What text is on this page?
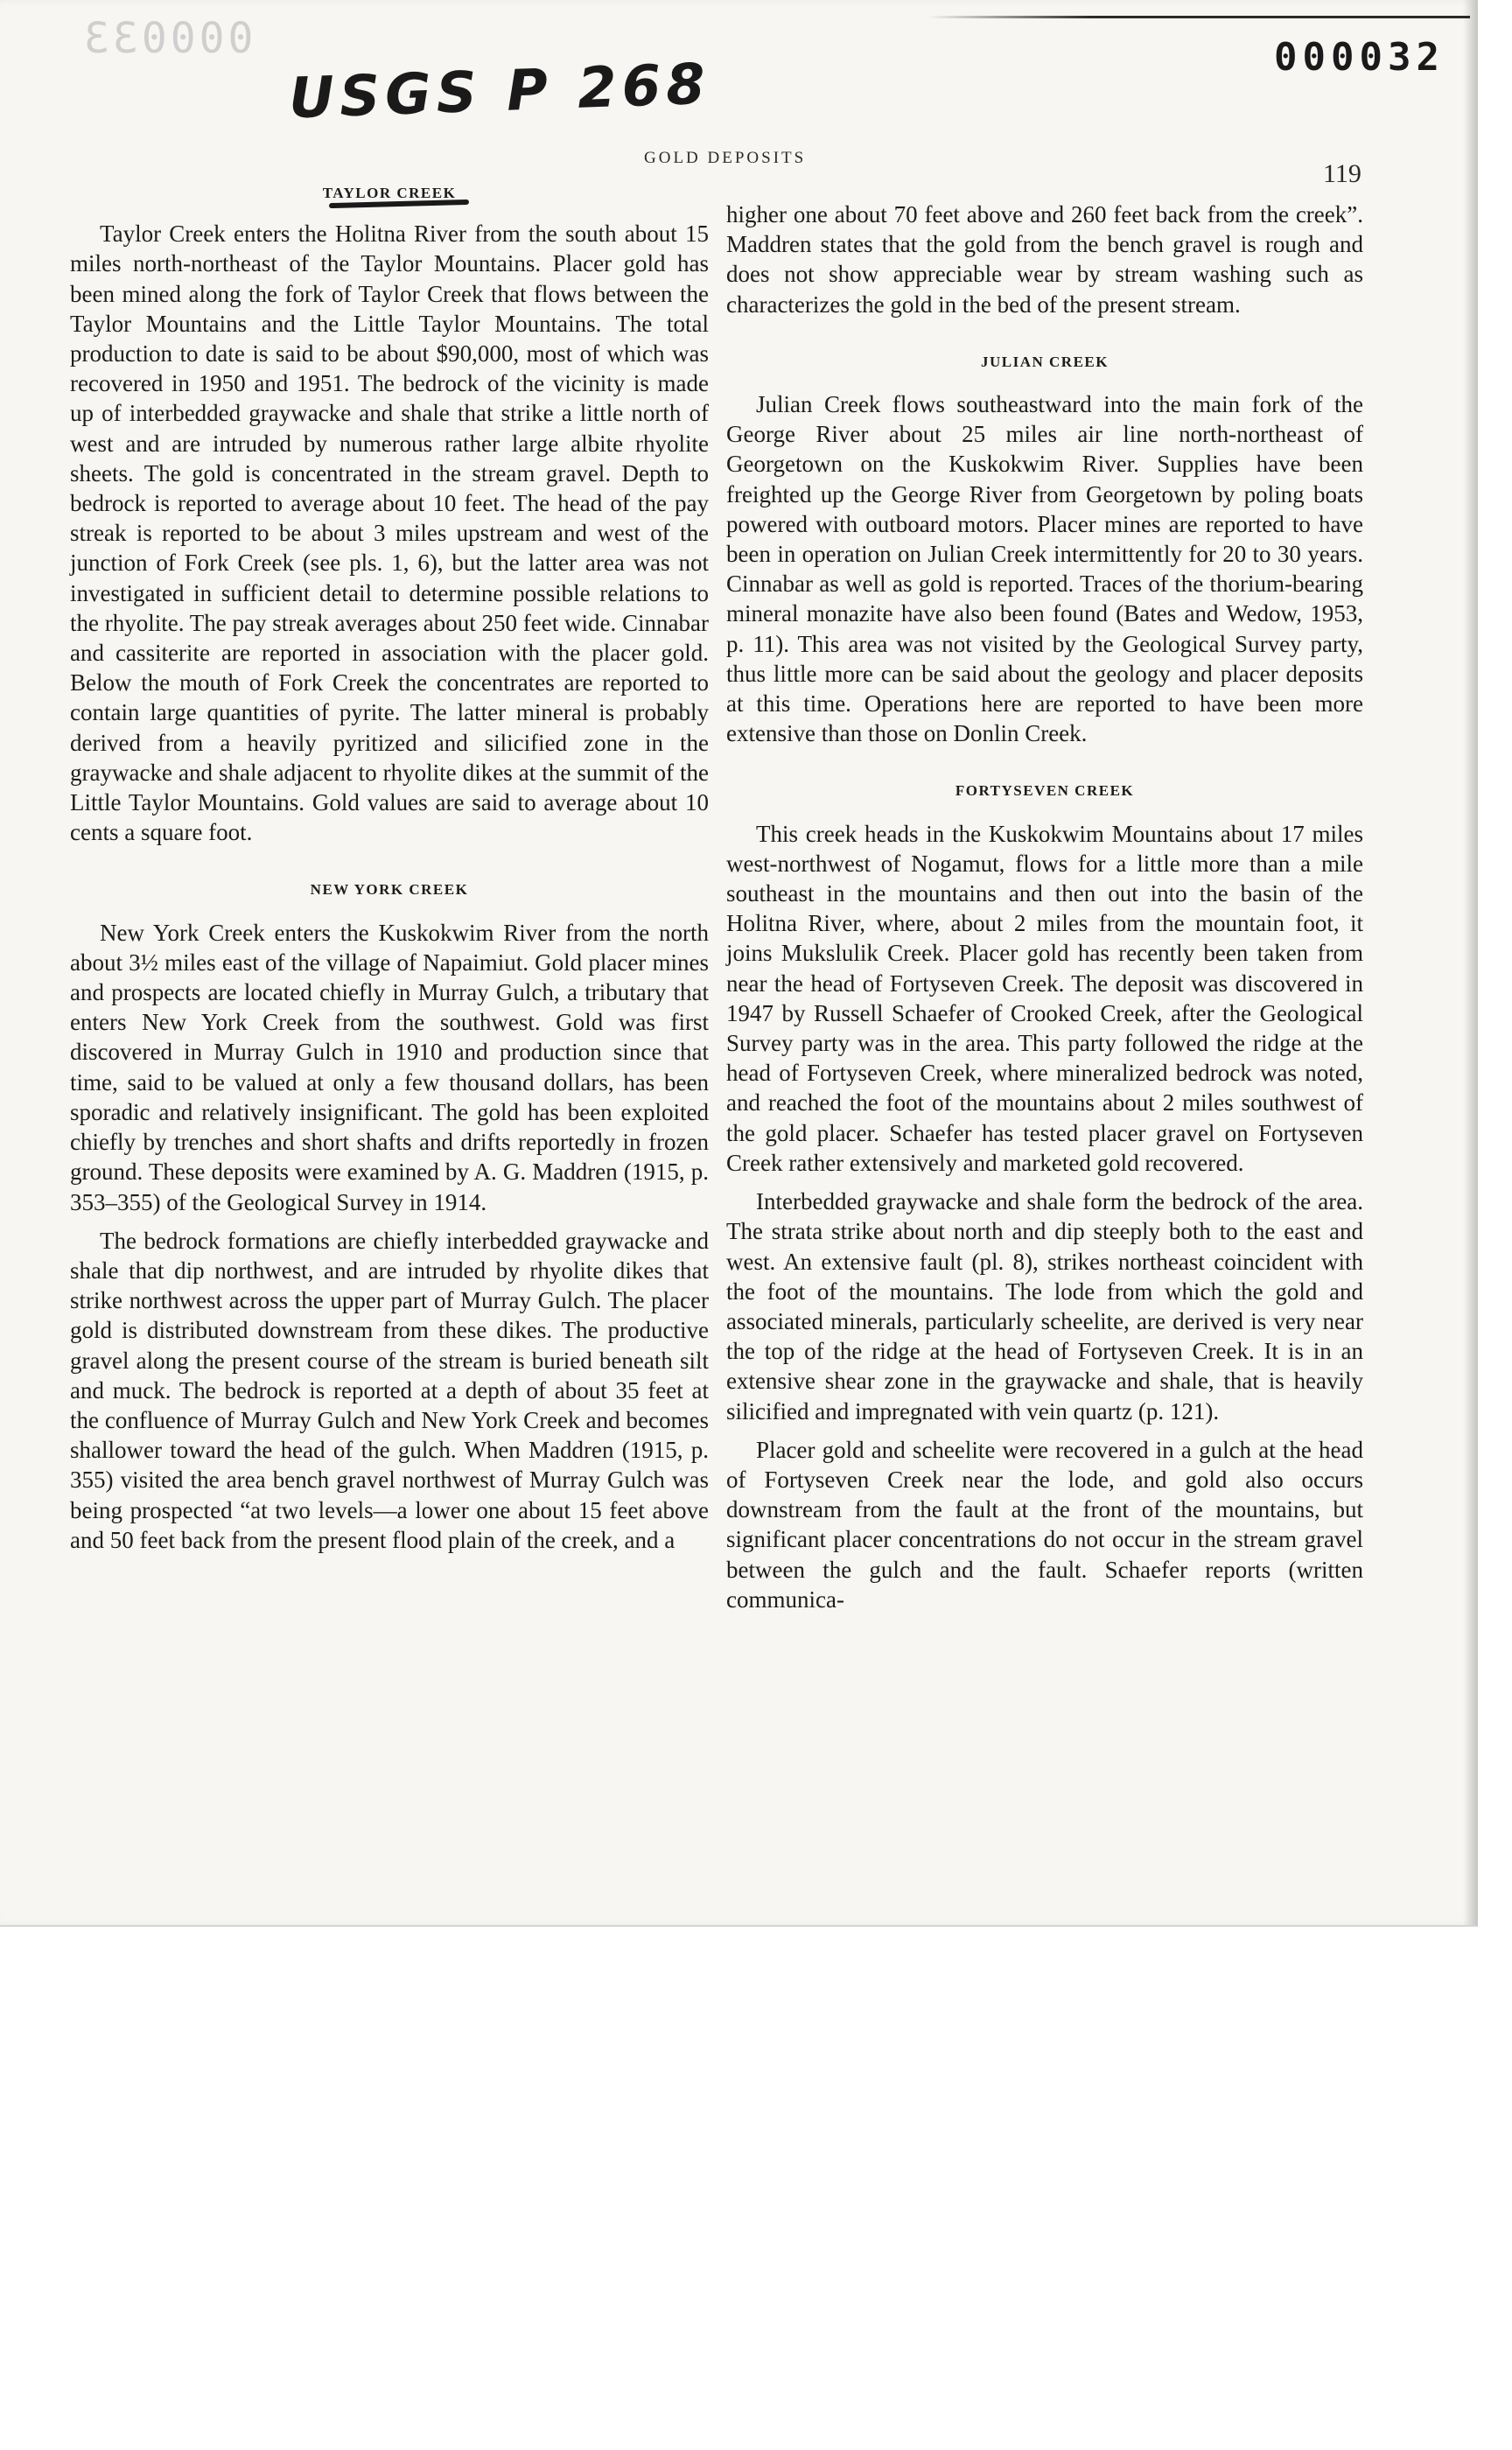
000033
USGS P 268	000032
GOLD DEPOSITS
119
TAYLOR CREEK

Taylor Creek enters the Holitna River from the south about 15 miles north-northeast of the Taylor Mountains. Placer gold has been mined along the fork of Taylor Creek that flows between the Taylor Mountains and the Little Taylor Mountains. The total production to date is said to be about $90,000, most of which was recovered in 1950 and 1951. The bedrock of the vicinity is made up of interbedded graywacke and shale that strike a little north of west and are intruded by numerous rather large albite rhyolite sheets. The gold is concentrated in the stream gravel. Depth to bedrock is reported to average about 10 feet. The head of the pay streak is reported to be about 3 miles upstream and west of the junction of Fork Creek (see pls. 1, 6), but the latter area was not investigated in sufficient detail to determine possible relations to the rhyolite. The pay streak averages about 250 feet wide. Cinnabar and cassiterite are reported in association with the placer gold. Below the mouth of Fork Creek the concentrates are reported to contain large quantities of pyrite. The latter mineral is probably derived from a heavily pyritized and silicified zone in the graywacke and shale adjacent to rhyolite dikes at the summit of the Little Taylor Mountains. Gold values are said to average about 10 cents a square foot.

NEW YORK CREEK

New York Creek enters the Kuskokwim River from the north about 3½ miles east of the village of Napaimiut. Gold placer mines and prospects are located chiefly in Murray Gulch, a tributary that enters New York Creek from the southwest. Gold was first discovered in Murray Gulch in 1910 and production since that time, said to be valued at only a few thousand dollars, has been sporadic and relatively insignificant. The gold has been exploited chiefly by trenches and short shafts and drifts reportedly in frozen ground. These deposits were examined by A. G. Maddren (1915, p. 353–355) of the Geological Survey in 1914.

The bedrock formations are chiefly interbedded graywacke and shale that dip northwest, and are intruded by rhyolite dikes that strike northwest across the upper part of Murray Gulch. The placer gold is distributed downstream from these dikes. The productive gravel along the present course of the stream is buried beneath silt and muck. The bedrock is reported at a depth of about 35 feet at the confluence of Murray Gulch and New York Creek and becomes shallower toward the head of the gulch. When Maddren (1915, p. 355) visited the area bench gravel northwest of Murray Gulch was being prospected “at two levels—a lower one about 15 feet above and 50 feet back from the present flood plain of the creek, and a

higher one about 70 feet above and 260 feet back from the creek”. Maddren states that the gold from the bench gravel is rough and does not show appreciable wear by stream washing such as characterizes the gold in the bed of the present stream.

JULIAN CREEK

Julian Creek flows southeastward into the main fork of the George River about 25 miles air line north-northeast of Georgetown on the Kuskokwim River. Supplies have been freighted up the George River from Georgetown by poling boats powered with outboard motors. Placer mines are reported to have been in operation on Julian Creek intermittently for 20 to 30 years. Cinnabar as well as gold is reported. Traces of the thorium-bearing mineral monazite have also been found (Bates and Wedow, 1953, p. 11). This area was not visited by the Geological Survey party, thus little more can be said about the geology and placer deposits at this time. Operations here are reported to have been more extensive than those on Donlin Creek.

FORTYSEVEN CREEK

This creek heads in the Kuskokwim Mountains about 17 miles west-northwest of Nogamut, flows for a little more than a mile southeast in the mountains and then out into the basin of the Holitna River, where, about 2 miles from the mountain foot, it joins Mukslulik Creek. Placer gold has recently been taken from near the head of Fortyseven Creek. The deposit was discovered in 1947 by Russell Schaefer of Crooked Creek, after the Geological Survey party was in the area. This party followed the ridge at the head of Fortyseven Creek, where mineralized bedrock was noted, and reached the foot of the mountains about 2 miles southwest of the gold placer. Schaefer has tested placer gravel on Fortyseven Creek rather extensively and marketed gold recovered.

Interbedded graywacke and shale form the bedrock of the area. The strata strike about north and dip steeply both to the east and west. An extensive fault (pl. 8), strikes northeast coincident with the foot of the mountains. The lode from which the gold and associated minerals, particularly scheelite, are derived is very near the top of the ridge at the head of Fortyseven Creek. It is in an extensive shear zone in the graywacke and shale, that is heavily silicified and impregnated with vein quartz (p. 121).

Placer gold and scheelite were recovered in a gulch at the head of Fortyseven Creek near the lode, and gold also occurs downstream from the fault at the front of the mountains, but significant placer concentrations do not occur in the stream gravel between the gulch and the fault. Schaefer reports (written communica-
